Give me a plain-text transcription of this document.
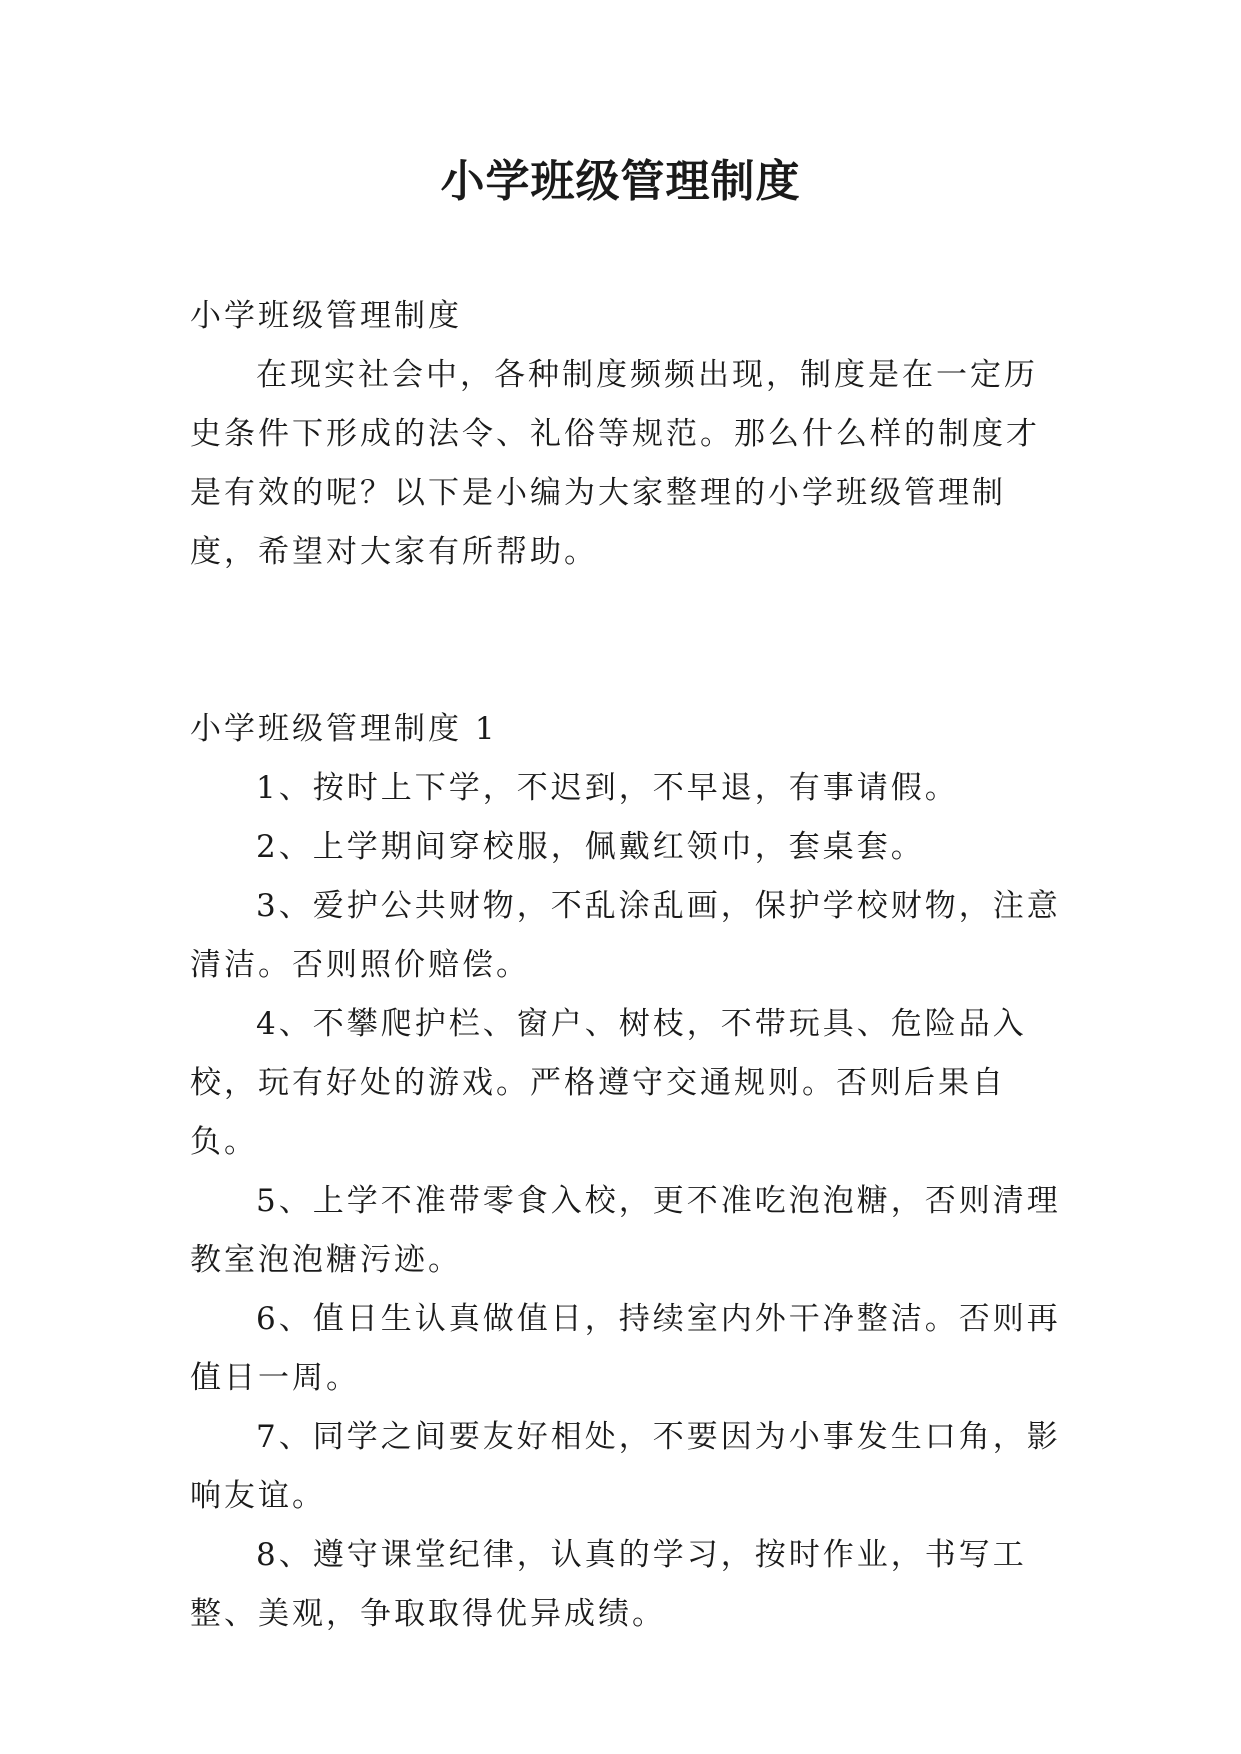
小学班级管理制度

小学班级管理制度

在现实社会中，各种制度频频出现，制度是在一定历史条件下形成的法令、礼俗等规范。那么什么样的制度才是有效的呢？以下是小编为大家整理的小学班级管理制度，希望对大家有所帮助。

小学班级管理制度 1

1、按时上下学，不迟到，不早退，有事请假。

2、上学期间穿校服，佩戴红领巾，套桌套。

3、爱护公共财物，不乱涂乱画，保护学校财物，注意清洁。否则照价赔偿。

4、不攀爬护栏、窗户、树枝，不带玩具、危险品入校，玩有好处的游戏。严格遵守交通规则。否则后果自负。

5、上学不准带零食入校，更不准吃泡泡糖，否则清理教室泡泡糖污迹。

6、值日生认真做值日，持续室内外干净整洁。否则再值日一周。

7、同学之间要友好相处，不要因为小事发生口角，影响友谊。

8、遵守课堂纪律，认真的学习，按时作业，书写工整、美观，争取取得优异成绩。
